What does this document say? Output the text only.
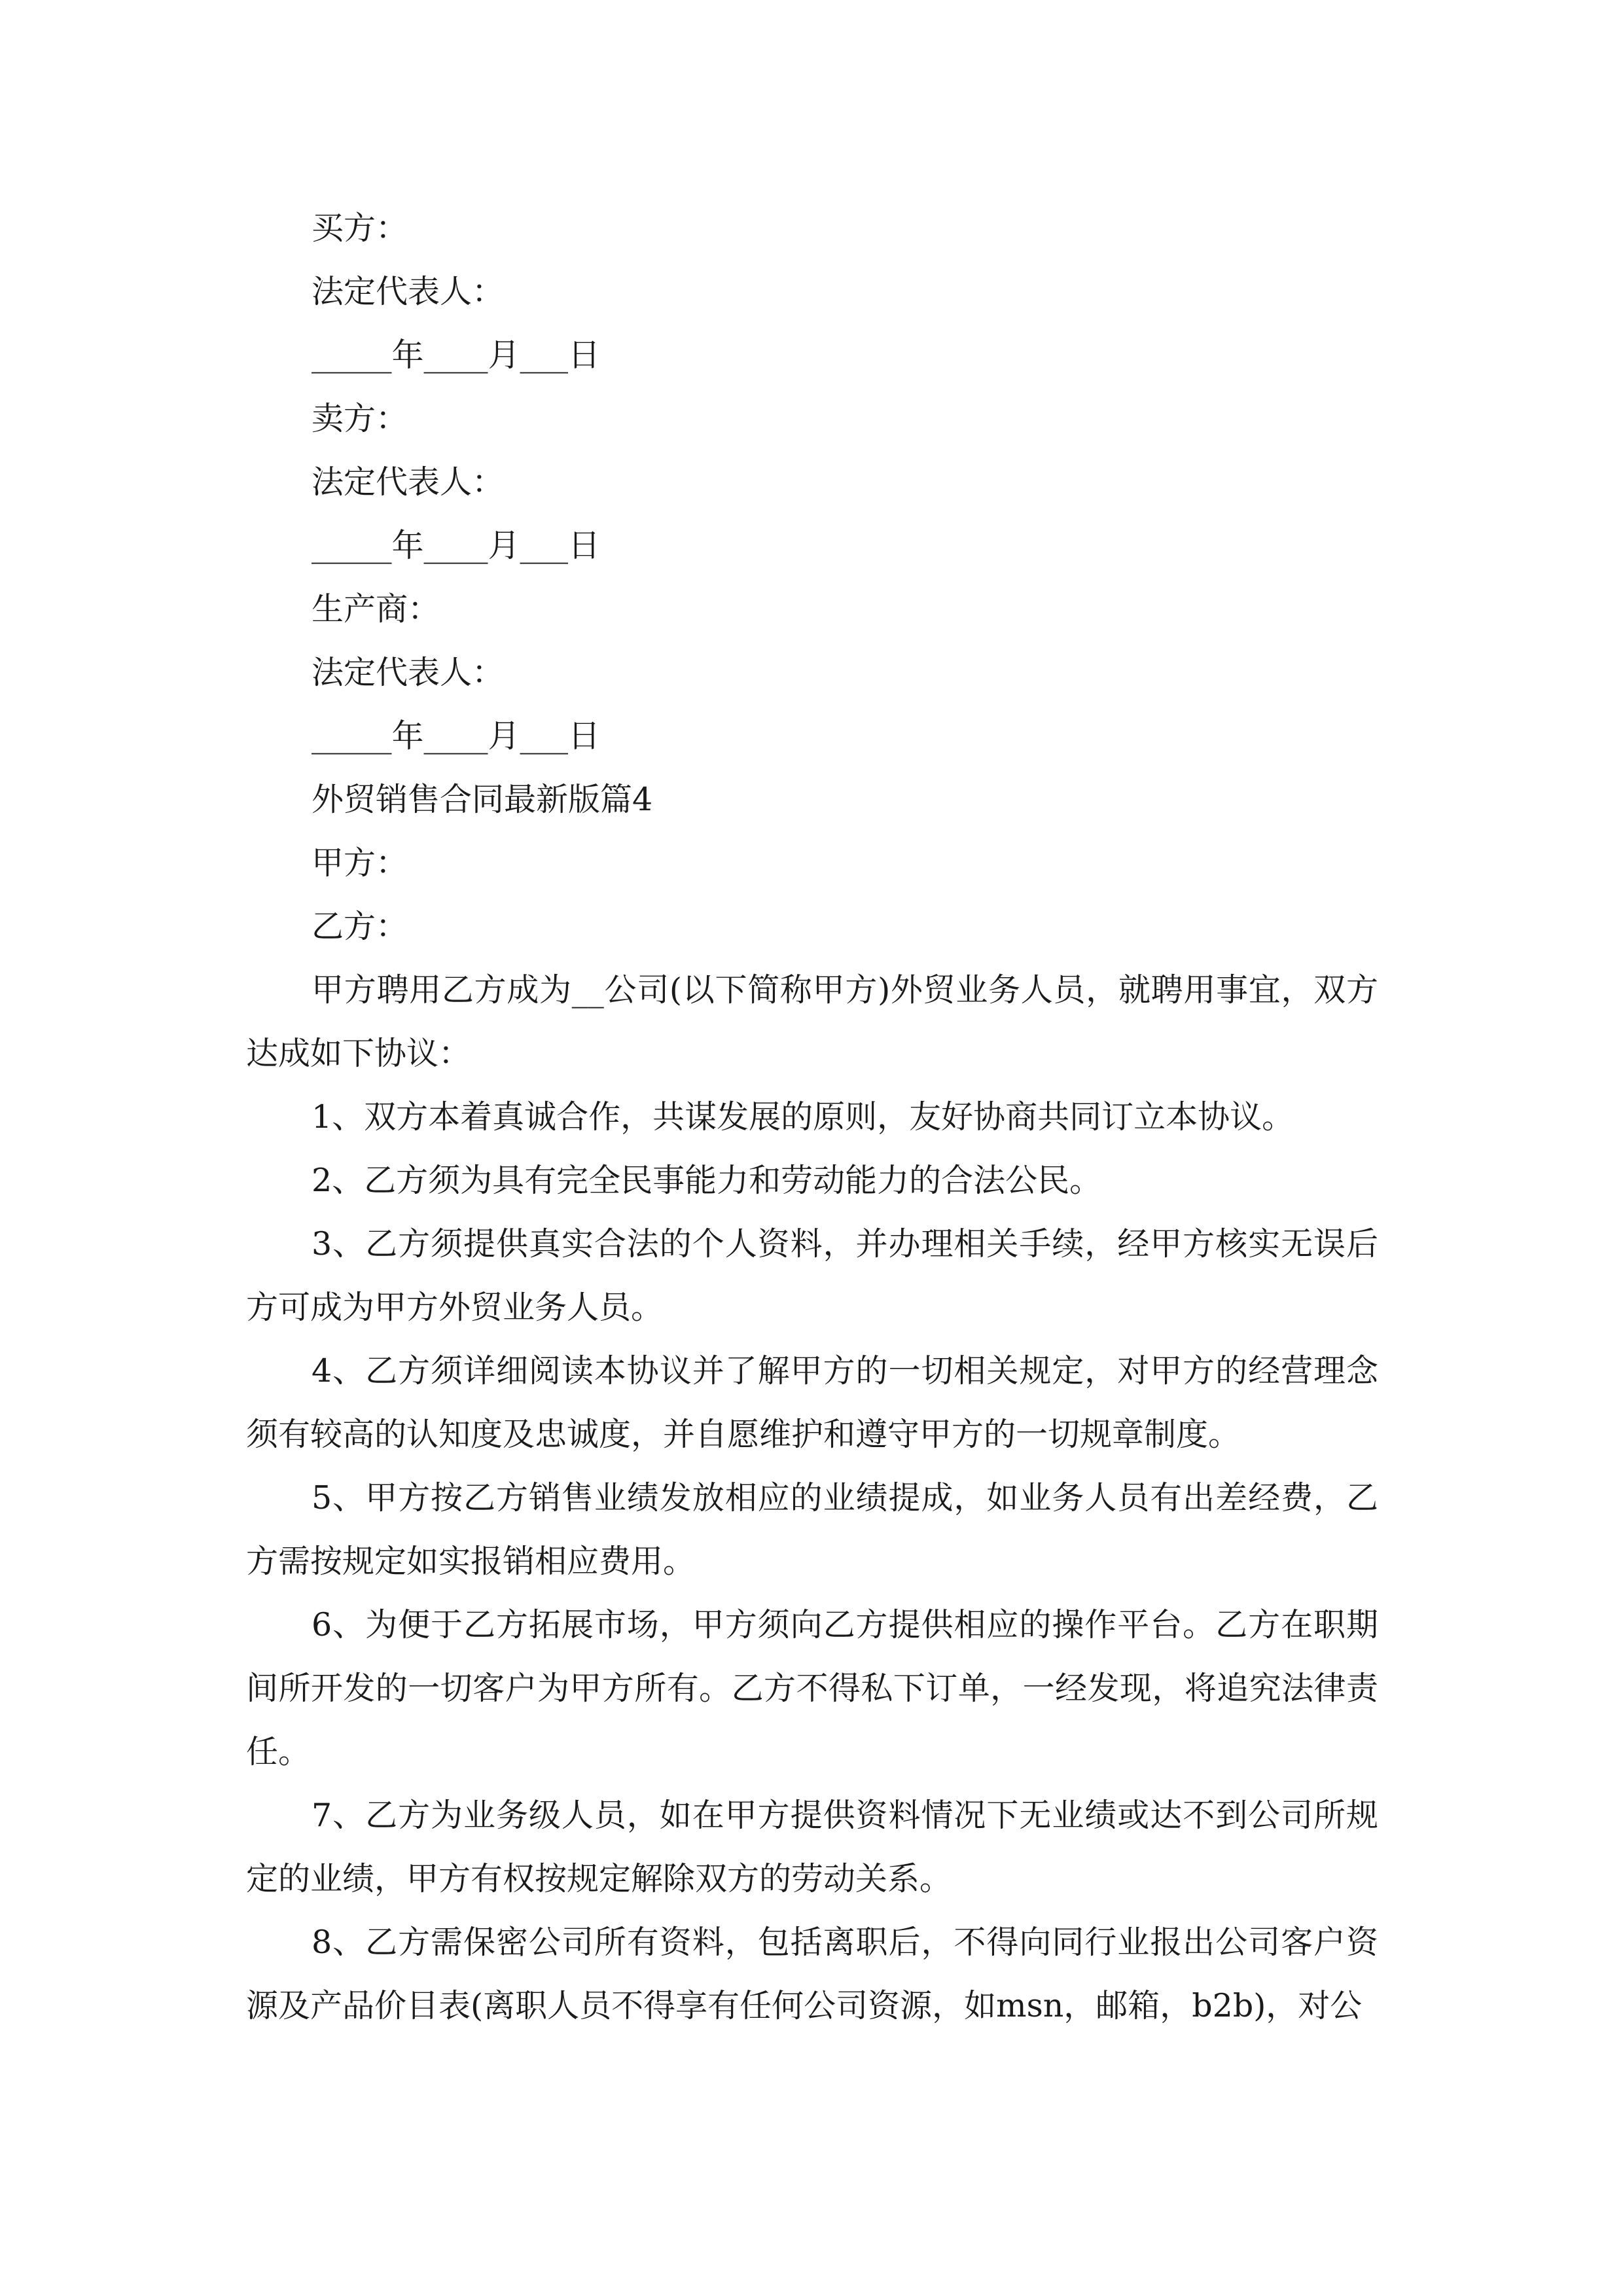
买方：

法定代表人：

_____年____月___日

卖方：

法定代表人：

_____年____月___日

生产商：

法定代表人：

_____年____月___日

外贸销售合同最新版篇4

甲方：

乙方：

甲方聘用乙方成为__公司(以下简称甲方)外贸业务人员，就聘用事宜，双方达成如下协议：

1、双方本着真诚合作，共谋发展的原则，友好协商共同订立本协议。

2、乙方须为具有完全民事能力和劳动能力的合法公民。

3、乙方须提供真实合法的个人资料，并办理相关手续，经甲方核实无误后方可成为甲方外贸业务人员。

4、乙方须详细阅读本协议并了解甲方的一切相关规定，对甲方的经营理念须有较高的认知度及忠诚度，并自愿维护和遵守甲方的一切规章制度。

5、甲方按乙方销售业绩发放相应的业绩提成，如业务人员有出差经费，乙方需按规定如实报销相应费用。

6、为便于乙方拓展市场，甲方须向乙方提供相应的操作平台。乙方在职期间所开发的一切客户为甲方所有。乙方不得私下订单，一经发现，将追究法律责任。

7、乙方为业务级人员，如在甲方提供资料情况下无业绩或达不到公司所规定的业绩，甲方有权按规定解除双方的劳动关系。

8、乙方需保密公司所有资料，包括离职后，不得向同行业报出公司客户资源及产品价目表(离职人员不得享有任何公司资源，如msn，邮箱，b2b)，对公
